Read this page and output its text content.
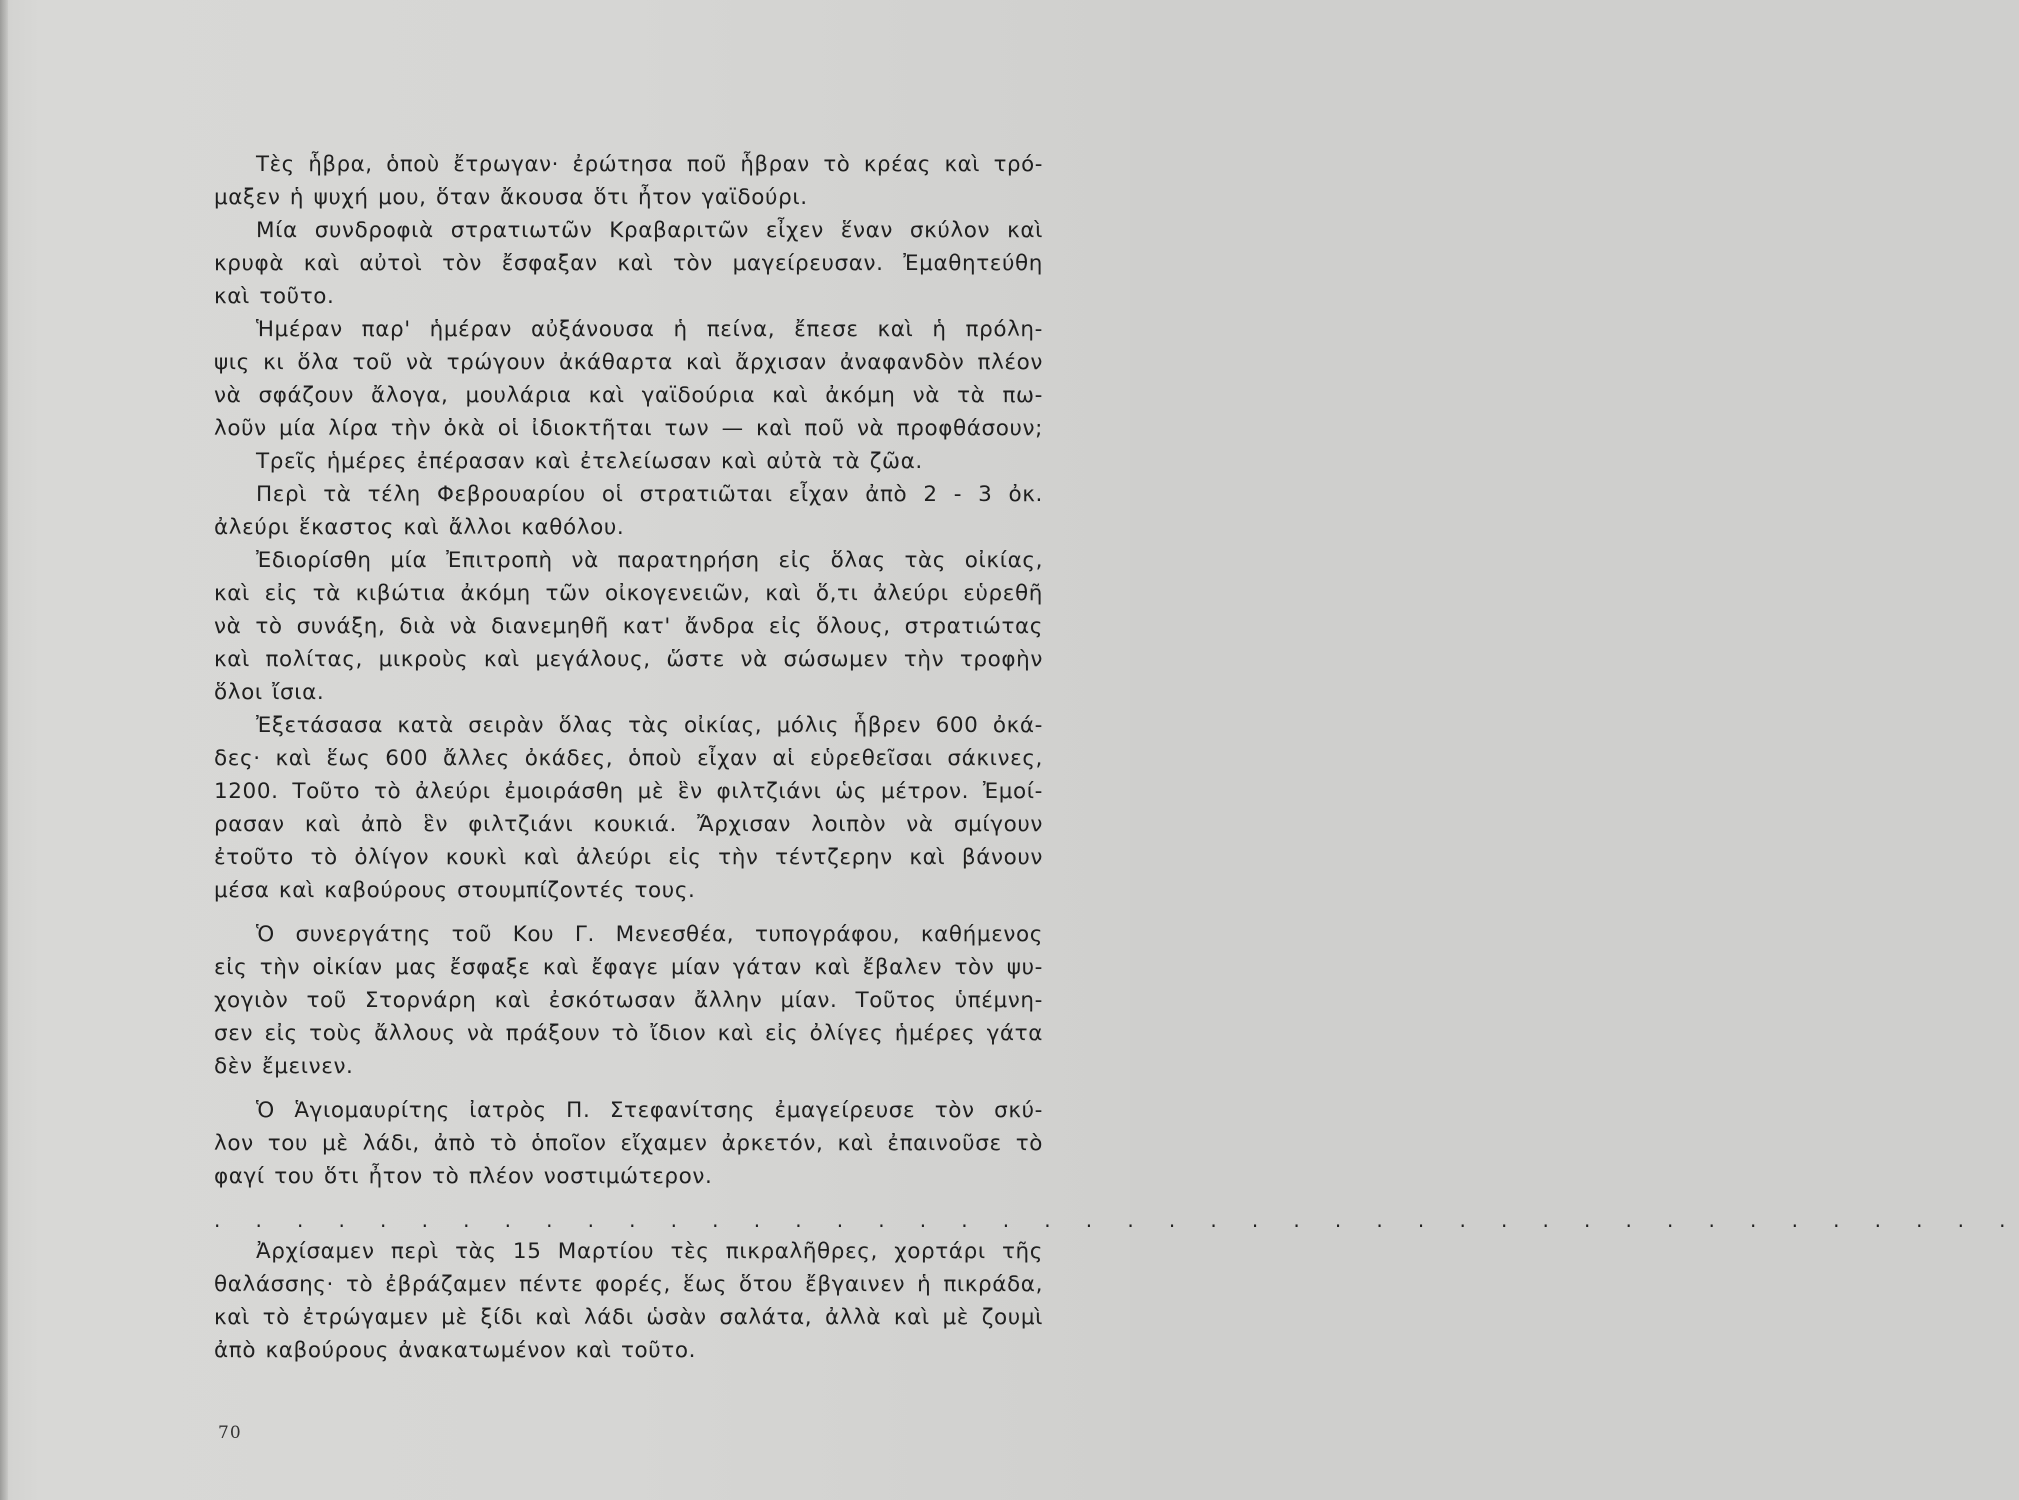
Τὲς ἧβρα, ὁποὺ ἔτρωγαν· ἐρώτησα ποῦ ἧβραν τὸ κρέας καὶ τρό-
μαξεν ἡ ψυχή μου, ὅταν ἄκουσα ὅτι ἦτον γαϊδούρι.

Μία συνδροφιὰ στρατιωτῶν Κραβαριτῶν εἶχεν ἕναν σκύλον καὶ
κρυφὰ καὶ αὐτοὶ τὸν ἔσφαξαν καὶ τὸν μαγείρευσαν. Ἐμαθητεύθη
καὶ τοῦτο.

Ἡμέραν παρ' ἡμέραν αὐξάνουσα ἡ πείνα, ἔπεσε καὶ ἡ πρόλη-
ψις κι ὅλα τοῦ νὰ τρώγουν ἀκάθαρτα καὶ ἄρχισαν ἀναφανδὸν πλέον
νὰ σφάζουν ἄλογα, μουλάρια καὶ γαϊδούρια καὶ ἀκόμη νὰ τὰ πω-
λοῦν μία λίρα τὴν ὀκὰ οἱ ἰδιοκτῆται των — καὶ ποῦ νὰ προφθάσουν;

Τρεῖς ἡμέρες ἐπέρασαν καὶ ἐτελείωσαν καὶ αὐτὰ τὰ ζῶα.

Περὶ τὰ τέλη Φεβρουαρίου οἱ στρατιῶται εἶχαν ἀπὸ 2 - 3 ὀκ.
ἀλεύρι ἕκαστος καὶ ἄλλοι καθόλου.

Ἐδιορίσθη μία Ἐπιτροπὴ νὰ παρατηρήση εἰς ὅλας τὰς οἰκίας,
καὶ εἰς τὰ κιβώτια ἀκόμη τῶν οἰκογενειῶν, καὶ ὅ,τι ἀλεύρι εὑρεθῆ
νὰ τὸ συνάξη, διὰ νὰ διανεμηθῆ κατ' ἄνδρα εἰς ὅλους, στρατιώτας
καὶ πολίτας, μικροὺς καὶ μεγάλους, ὥστε νὰ σώσωμεν τὴν τροφὴν
ὅλοι ἴσια.

Ἐξετάσασα κατὰ σειρὰν ὅλας τὰς οἰκίας, μόλις ἧβρεν 600 ὀκά-
δες· καὶ ἕως 600 ἄλλες ὀκάδες, ὁποὺ εἶχαν αἱ εὑρεθεῖσαι σάκινες,
1200. Τοῦτο τὸ ἀλεύρι ἐμοιράσθη μὲ ἓν φιλτζιάνι ὡς μέτρον. Ἐμοί-
ρασαν καὶ ἀπὸ ἓν φιλτζιάνι κουκιά. Ἄρχισαν λοιπὸν νὰ σμίγουν
ἐτοῦτο τὸ ὀλίγον κουκὶ καὶ ἀλεύρι εἰς τὴν τέντζερην καὶ βάνουν
μέσα καὶ καβούρους στουμπίζοντές τους.

Ὁ συνεργάτης τοῦ Κου Γ. Μενεσθέα, τυπογράφου, καθήμενος
εἰς τὴν οἰκίαν μας ἔσφαξε καὶ ἔφαγε μίαν γάταν καὶ ἔβαλεν τὸν ψυ-
χογιὸν τοῦ Στορνάρη καὶ ἐσκότωσαν ἄλλην μίαν. Τοῦτος ὑπέμνη-
σεν εἰς τοὺς ἄλλους νὰ πράξουν τὸ ἴδιον καὶ εἰς ὀλίγες ἡμέρες γάτα
δὲν ἔμεινεν.

Ὁ Ἁγιομαυρίτης ἰατρὸς Π. Στεφανίτσης ἐμαγείρευσε τὸν σκύ-
λον του μὲ λάδι, ἀπὸ τὸ ὁποῖον εἴχαμεν ἀρκετόν, καὶ ἐπαινοῦσε τὸ
φαγί του ὅτι ἦτον τὸ πλέον νοστιμώτερον.

. . . . . . . . . . . . . . . . . . . . . . . . . . . . . . . . . . . . . . . . . . . .

Ἀρχίσαμεν περὶ τὰς 15 Μαρτίου τὲς πικραλῆθρες, χορτάρι τῆς
θαλάσσης· τὸ ἐβράζαμεν πέντε φορές, ἕως ὅτου ἔβγαινεν ἡ πικράδα,
καὶ τὸ ἐτρώγαμεν μὲ ξίδι καὶ λάδι ὡσὰν σαλάτα, ἀλλὰ καὶ μὲ ζουμὶ
ἀπὸ καβούρους ἀνακατωμένον καὶ τοῦτο.

70
